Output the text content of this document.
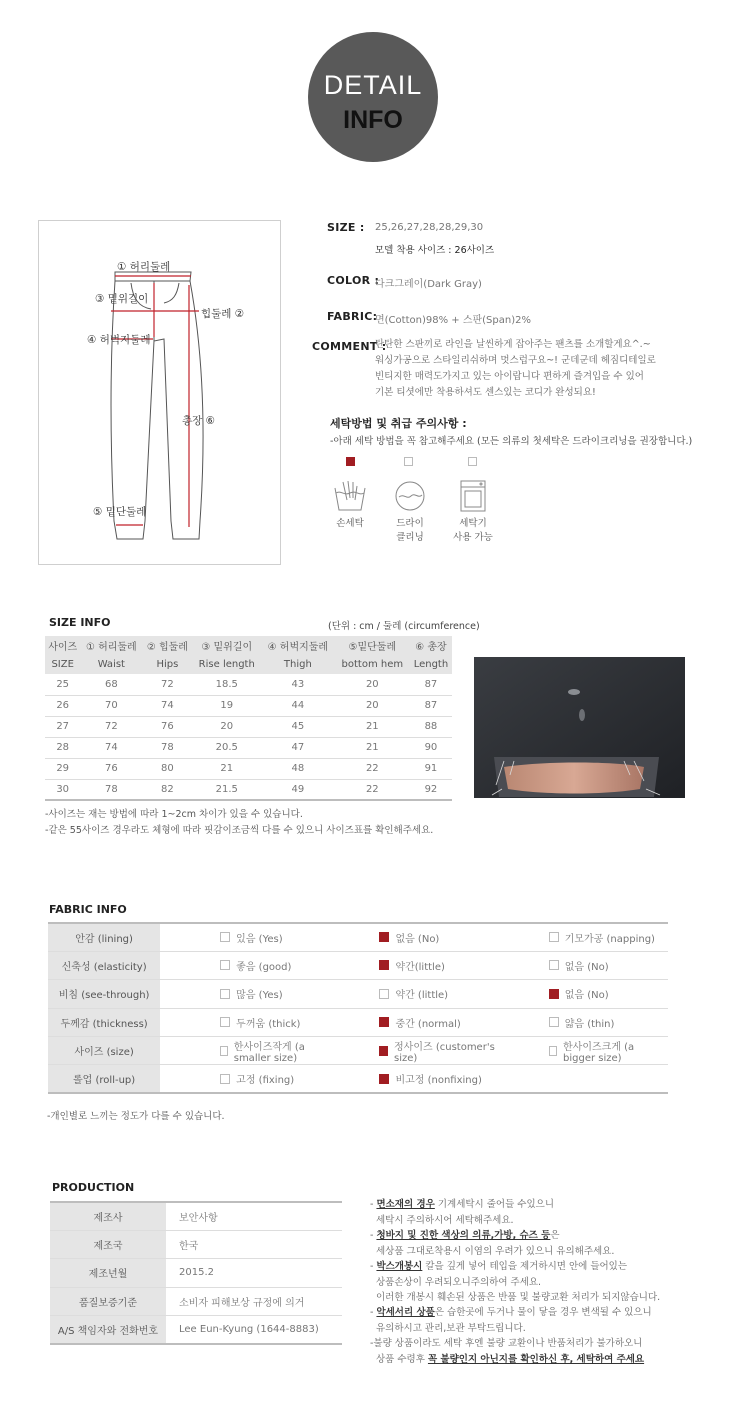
DETAIL
INFO
① 허리둘레
③ 밑위길이
힙둘레 ②
④ 허벅지둘레
총장 ⑥
⑤ 밑단둘레
SIZE : 25,26,27,28,28,29,30
모델 착용 사이즈 : 26사이즈
COLOR :
다크그레이(Dark Gray)
FABRIC:
면(Cotton)98% + 스판(Span)2%
COMMENT :
탄탄한 스판끼로 라인을 날씬하게 잡아주는 팬츠를 소개할게요^.~
워싱가공으로 스타일리쉬하며 멋스럽구요~! 군데군데 헤짐디테일로
빈티지한 매력도가지고 있는 아이랍니다 편하게 즐겨입을 수 있어
기본 티셧에만 착용하셔도 센스있는 코디가 완성되요!
세탁방법 및 취급 주의사항 :
-아래 세탁 방법을 꼭 참고해주세요 (모든 의류의 첫세탁은 드라이크리닝을 권장합니다.)
손세탁	드라이
클리닝
세탁기
사용 가능
SIZE INFO	(단위 : cm / 둘레 (circumference)
사이즈	① 허리둘레	② 힙둘레	③ 밑위길이	④ 허벅지둘레	⑤밑단둘레	⑥ 총장
SIZE	Waist	Hips	Rise length	Thigh	bottom hem	Length
25	68	72	18.5	43	20	87
26	70	74	19	44	20	87
27	72	76	20	45	21	88
28	74	78	20.5	47	21	90
29	76	80	21	48	22	91
30	78	82	21.5	49	22	92
-사이즈는 재는 방법에 따라 1~2cm 차이가 있을 수 있습니다.
-같은 55사이즈 경우라도 체형에 따라 핏감이조금씩 다를 수 있으니 사이즈표를 확인해주세요.
FABRIC INFO
안감 (lining)	있음 (Yes)	없음 (No)	기모가공 (napping)

신축성 (elasticity)	좋음 (good)	약간(little)	없음 (No)

비침 (see-through)	많음 (Yes)	약간 (little)	없음 (No)

두께감 (thickness)	두꺼움 (thick)	중간 (normal)	얇음 (thin)

사이즈 (size)	한사이즈작게 (a smaller size)	정사이즈 (customer's size)	한사이즈크게 (a bigger size)

롤업 (roll-up)	고정 (fixing)	비고정 (nonfixing)	

-개인별로 느끼는 정도가 다를 수 있습니다.
PRODUCTION
제조사	보안사항
제조국	한국
제조년월	2015.2
품질보증기준	소비자 피해보상 규정에 의거
A/S 책임자와 전화번호	Lee Eun-Kyung (1644-8883)
- 면소재의 경우 기계세탁시 줄어들 수있으니
세탁시 주의하시어 세탁해주세요.
- 청바지 및 진한 색상의 의류,가방, 슈즈 등은
세상품 그대로착용시 이염의 우려가 있으니 유의해주세요.
- 박스개봉시 칼을 깊게 넣어 테입을 제거하시면 안에 들어있는
상품손상이 우려되오니주의하여 주세요.
이러한 개봉시 훼손된 상품은 반품 및 불량교환 처리가 되지않습니다.
- 악세서리 상품은 습한곳에 두거나 물이 닿을 경우 변색될 수 있으니
유의하시고 관리,보관 부탁드립니다.
-불량 상품이라도 세탁 후엔 불량 교환이나 반품처리가 불가하오니
상품 수령후 꼭 불량인지 아닌지를 확인하신 후, 세탁하여 주세요
